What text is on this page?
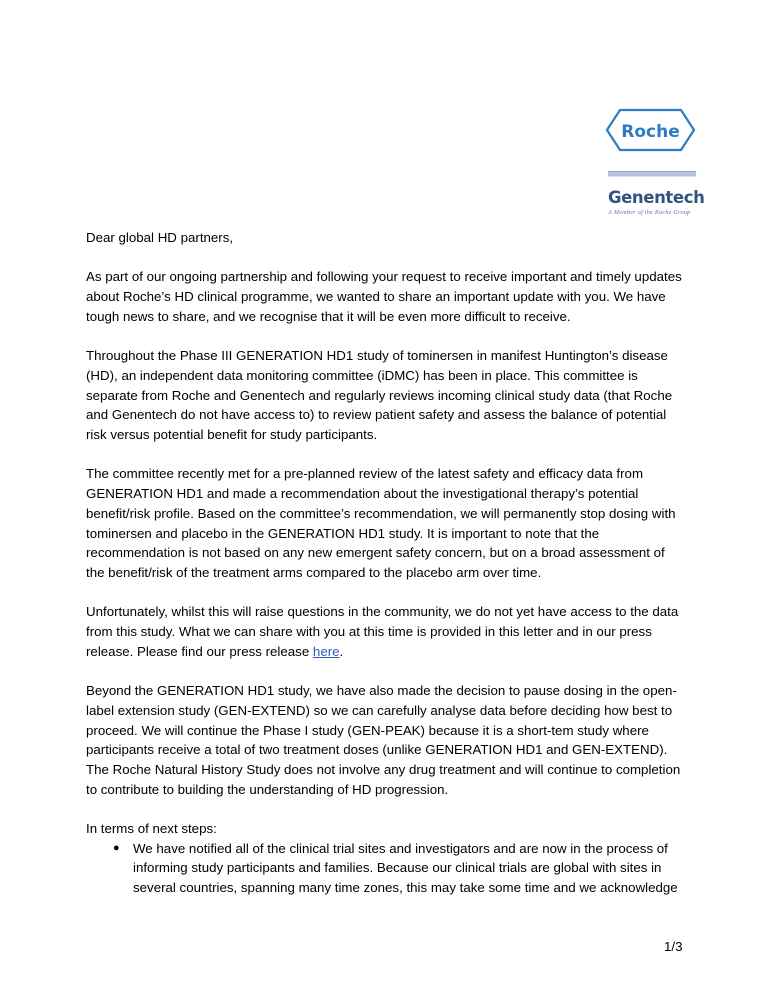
Roche
Genentech
A Member of the Roche Group

Dear global HD partners,

As part of our ongoing partnership and following your request to receive important and timely updates about Roche’s HD clinical programme, we wanted to share an important update with you. We have tough news to share, and we recognise that it will be even more difficult to receive.

Throughout the Phase III GENERATION HD1 study of tominersen in manifest Huntington’s disease (HD), an independent data monitoring committee (iDMC) has been in place. This committee is separate from Roche and Genentech and regularly reviews incoming clinical study data (that Roche and Genentech do not have access to) to review patient safety and assess the balance of potential risk versus potential benefit for study participants.

The committee recently met for a pre-planned review of the latest safety and efficacy data from GENERATION HD1 and made a recommendation about the investigational therapy’s potential benefit/risk profile. Based on the committee’s recommendation, we will permanently stop dosing with tominersen and placebo in the GENERATION HD1 study. It is important to note that the recommendation is not based on any new emergent safety concern, but on a broad assessment of the benefit/risk of the treatment arms compared to the placebo arm over time.

Unfortunately, whilst this will raise questions in the community, we do not yet have access to the data from this study. What we can share with you at this time is provided in this letter and in our press release. Please find our press release here.

Beyond the GENERATION HD1 study, we have also made the decision to pause dosing in the open-label extension study (GEN-EXTEND) so we can carefully analyse data before deciding how best to proceed. We will continue the Phase I study (GEN-PEAK) because it is a short-tem study where participants receive a total of two treatment doses (unlike GENERATION HD1 and GEN-EXTEND). The Roche Natural History Study does not involve any drug treatment and will continue to completion to contribute to building the understanding of HD progression.

In terms of next steps:

● We have notified all of the clinical trial sites and investigators and are now in the process of informing study participants and families. Because our clinical trials are global with sites in several countries, spanning many time zones, this may take some time and we acknowledge
1/3
